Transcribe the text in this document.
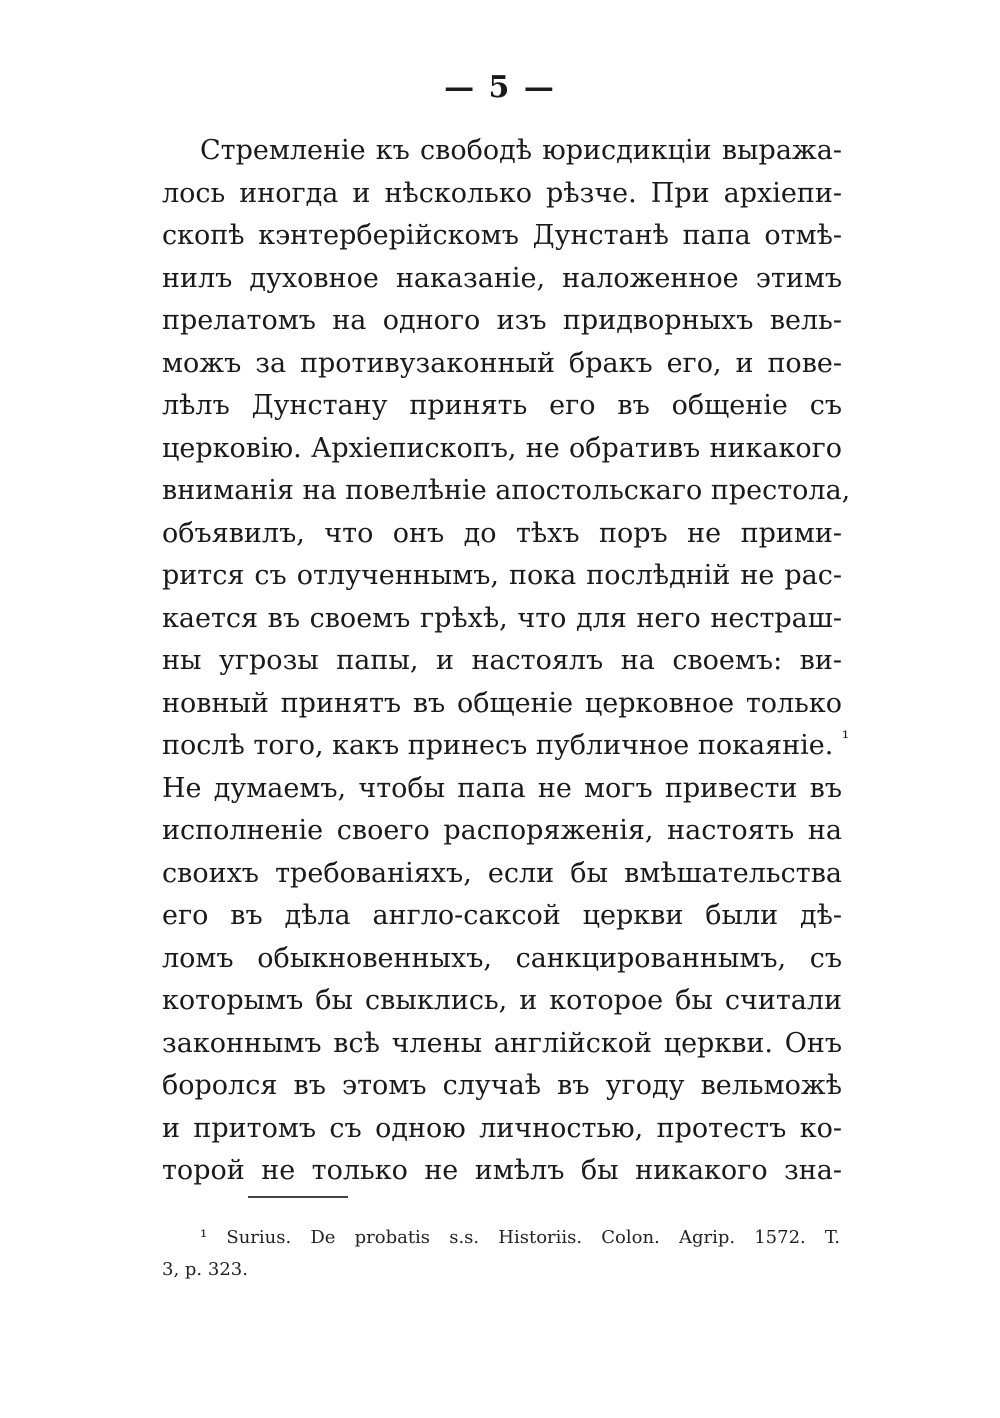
— 5 —
Стремленіе къ свободѣ юрисдикціи выража-
лось иногда и нѣсколько рѣзче. При архіепи-
скопѣ кэнтерберійскомъ Дунстанѣ папа отмѣ-
нилъ духовное наказаніе, наложенное этимъ
прелатомъ на одного изъ придворныхъ вель-
можъ за противузаконный бракъ его, и пове-
лѣлъ Дунстану принять его въ общеніе съ
церковію. Архіепископъ, не обративъ никакого
вниманія на повелѣніе апостольскаго престола,
объявилъ, что онъ до тѣхъ поръ не прими-
рится съ отлученнымъ, пока послѣдній не рас-
кается въ своемъ грѣхѣ, что для него нестраш-
ны угрозы папы, и настоялъ на своемъ: ви-
новный принятъ въ общеніе церковное только
послѣ того, какъ принесъ публичное покаяніе. $^{^1}$
Не думаемъ, чтобы папа не могъ привести въ
исполненіе своего распоряженія, настоять на
своихъ требованіяхъ, если бы вмѣшательства
его въ дѣла англо-саксой церкви были дѣ-
ломъ обыкновенныхъ, санкцированнымъ, съ
которымъ бы свыклись, и которое бы считали
законнымъ всѣ члены англійской церкви. Онъ
боролся въ этомъ случаѣ въ угоду вельможѣ
и притомъ съ одною личностью, протестъ ко-
торой не только не имѣлъ бы никакого зна-
¹ Surius. De probatis s.s. Historiis. Colon. Agrip. 1572. T.
3, p. 323.
